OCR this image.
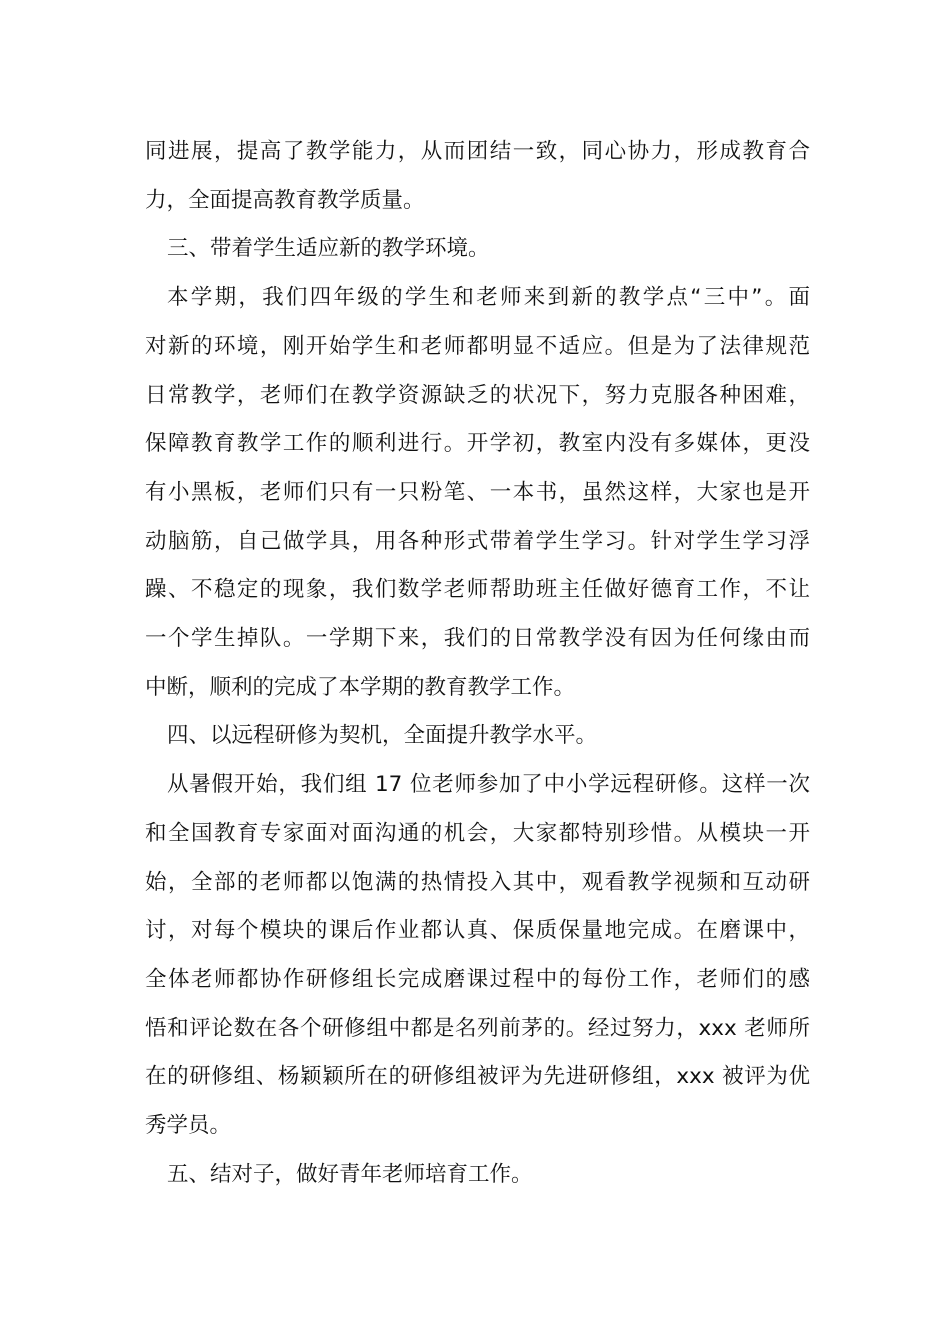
同进展，提高了教学能力，从而团结一致，同心协力，形成教育合
力，全面提高教育教学质量。
三、带着学生适应新的教学环境。
本学期，我们四年级的学生和老师来到新的教学点“三中”。面
对新的环境，刚开始学生和老师都明显不适应。但是为了法律规范
日常教学，老师们在教学资源缺乏的状况下，努力克服各种困难，
保障教育教学工作的顺利进行。开学初，教室内没有多媒体，更没
有小黑板，老师们只有一只粉笔、一本书，虽然这样，大家也是开
动脑筋，自己做学具，用各种形式带着学生学习。针对学生学习浮
躁、不稳定的现象，我们数学老师帮助班主任做好德育工作，不让
一个学生掉队。一学期下来，我们的日常教学没有因为任何缘由而
中断，顺利的完成了本学期的教育教学工作。
四、以远程研修为契机，全面提升教学水平。
从暑假开始，我们组 17 位老师参加了中小学远程研修。这样一次
和全国教育专家面对面沟通的机会，大家都特别珍惜。从模块一开
始，全部的老师都以饱满的热情投入其中，观看教学视频和互动研
讨，对每个模块的课后作业都认真、保质保量地完成。在磨课中，
全体老师都协作研修组长完成磨课过程中的每份工作，老师们的感
悟和评论数在各个研修组中都是名列前茅的。经过努力，xxx 老师所
在的研修组、杨颖颖所在的研修组被评为先进研修组，xxx 被评为优
秀学员。
五、结对子，做好青年老师培育工作。
